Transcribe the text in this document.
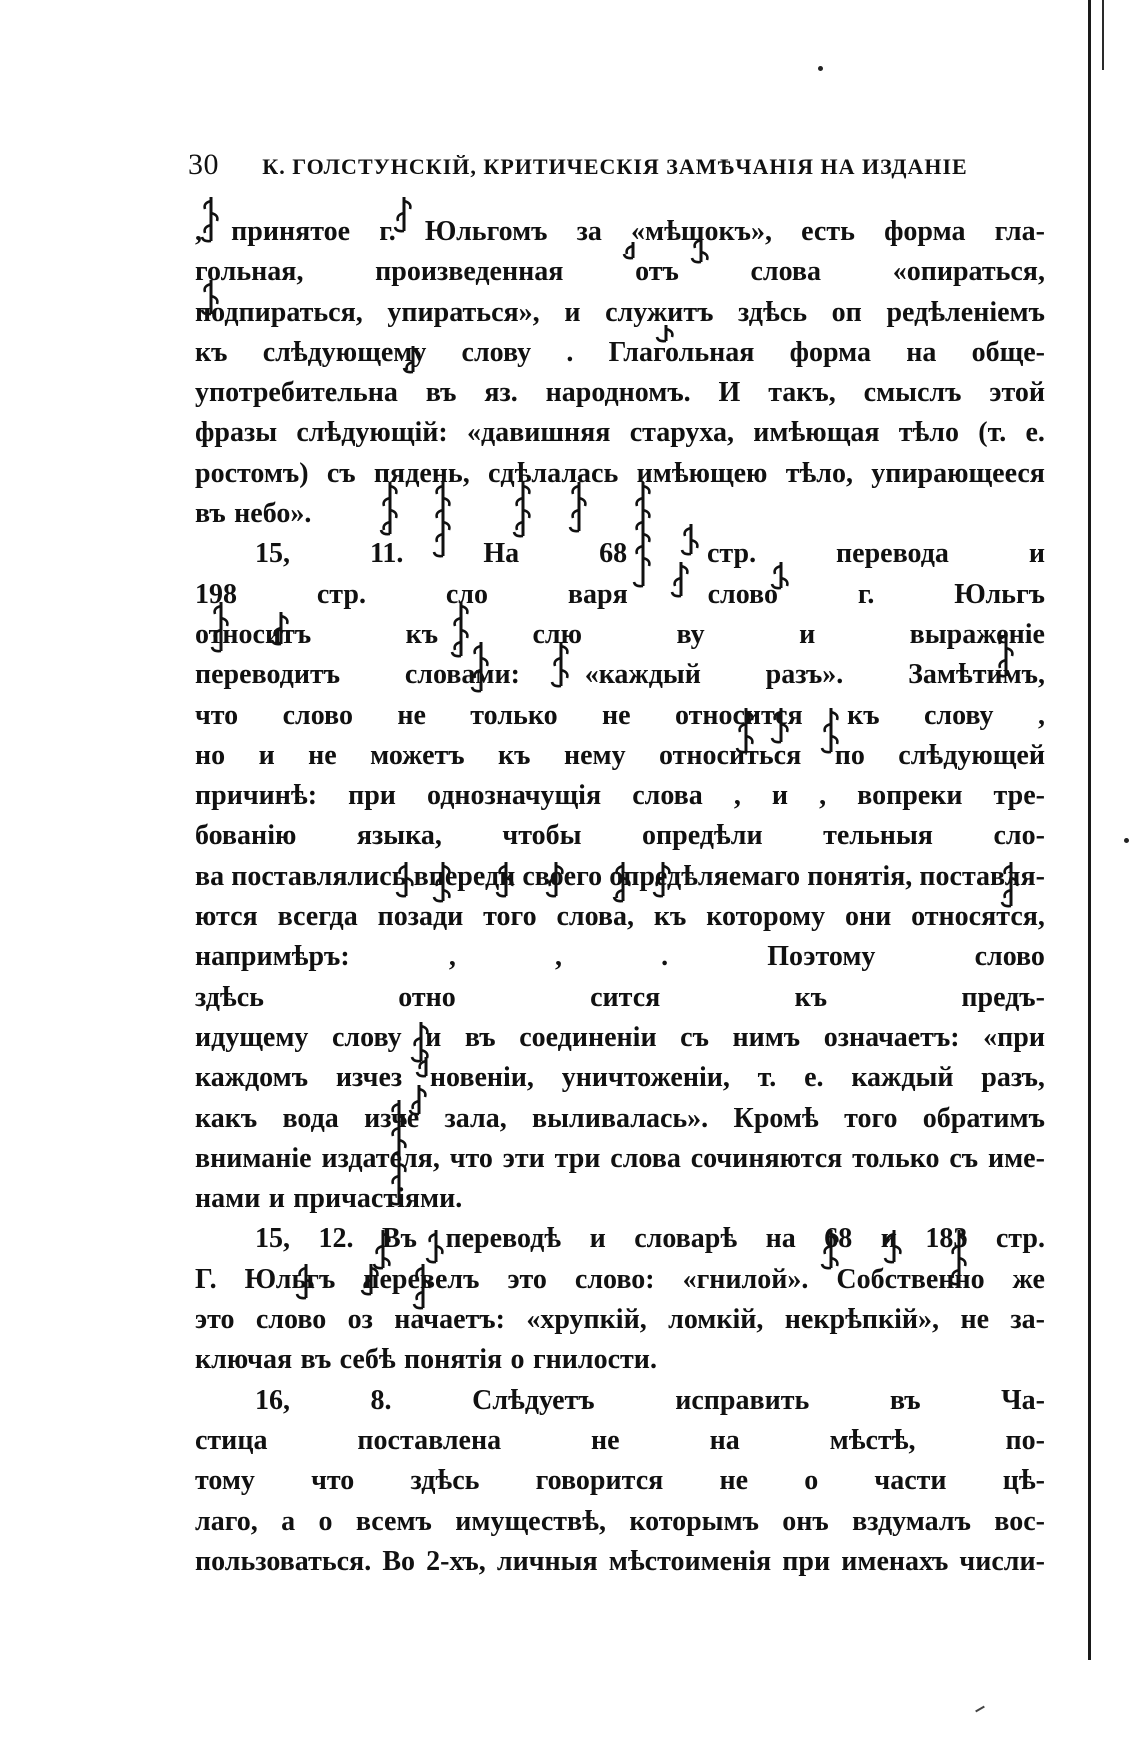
30 К. ГОЛСТУНСКІЙ, КРИТИЧЕСКІЯ ЗАМѢЧАНІЯ НА ИЗДАНІЕ
, принятое г. Юльгомъ за «мѣшокъ», есть форма гла-
гольная,	произведенная	отъ	слова	«опираться,
подпираться, упираться», и служитъ здѣсь оп редѣленіемъ
къ слѣдующему слову . Глагольная форма на обще-
употребительна въ яз. народномъ. И такъ, смыслъ этой
фразы слѣдующій: «давишняя старуха, имѣющая тѣло (т. е.
ростомъ) съ пядень, сдѣлалась имѣющею тѣло, упирающееся
въ небо».
15,	11.	На	68	стр.	перевода	и
198	стр.	сло	варя	слово	г.	Юльгъ
относитъ	къ	слю	ву	и	выраженіе
переводитъ словами: «каждый разъ». Замѣтимъ,
что слово не только не относится къ слову ,
но и не можетъ къ нему относиться по слѣдующей
причинѣ: при однозначущія слова , и , вопреки тре-
бованію языка, чтобы опредѣли тельныя сло-
ва поставлялись впереди своего опредѣляемаго понятія, поставля-
ются всегда позади того слова, къ которому они относятся,
напримѣръ:	,	,	.	Поэтому	слово
здѣсь	отно	сится	къ	предъ-
идущему слову и въ соединеніи съ нимъ означаетъ: «при
каждомъ изчез новеніи, уничтоженіи, т. е. каждый разъ,
какъ вода изче зала, выливалась». Кромѣ того обратимъ
вниманіе издателя, что эти три слова сочиняются только съ име-
нами и причастіями.
15, 12. Въ переводѣ и словарѣ на 68 и 183 стр.
Г. Юльгъ перевелъ это слово: «гнилой». Собственно же
это слово оз начаетъ: «хрупкій, ломкій, некрѣпкій», не за-
ключая въ себѣ понятія о гнилости.
16,	8.	Слѣдуетъ	исправить	въ	Ча-
стица	поставлена	не	на	мѣстѣ,	по-
тому что здѣсь говорится не о части цѣ-
лаго, а о всемъ имуществѣ, которымъ онъ вздумалъ вос-
пользоваться. Во 2-хъ, личныя мѣстоименія при именахъ числи-
